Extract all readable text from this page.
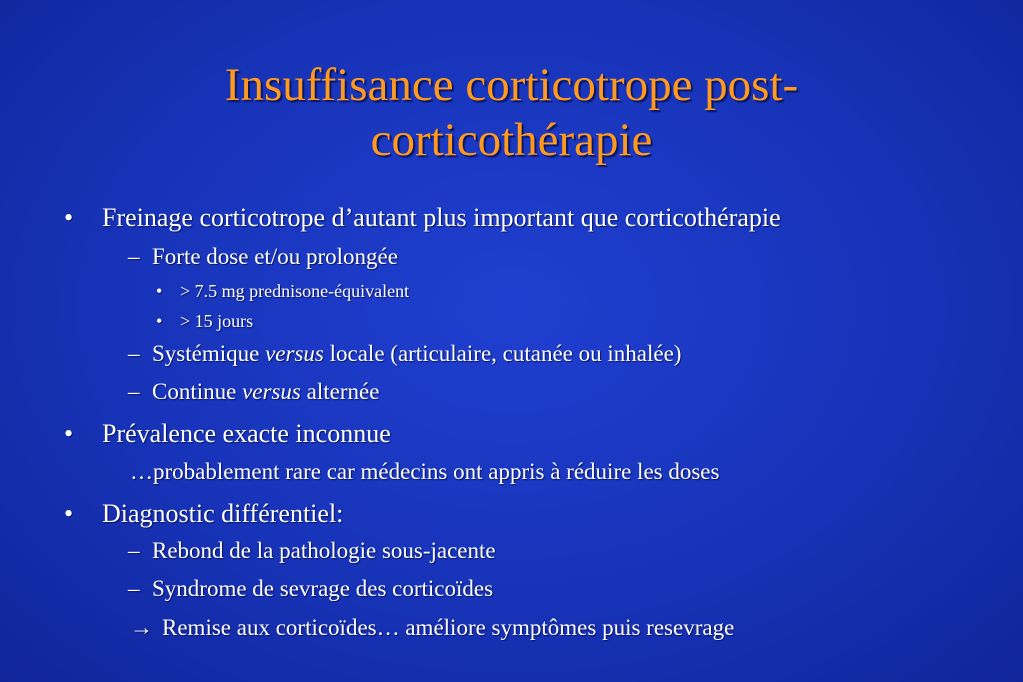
Insuffisance corticotrope post-
corticothérapie
•	Freinage corticotrope d’autant plus important que corticothérapie
– Forte dose et/ou prolongée
• > 7.5 mg prednisone-équivalent
• > 15 jours
– Systémique versus locale (articulaire, cutanée ou inhalée)
– Continue versus alternée
•	Prévalence exacte inconnue
…probablement rare car médecins ont appris à réduire les doses
•	Diagnostic différentiel:
– Rebond de la pathologie sous-jacente
– Syndrome de sevrage des corticoïdes
→ Remise aux corticoïdes… améliore symptômes puis resevrage
